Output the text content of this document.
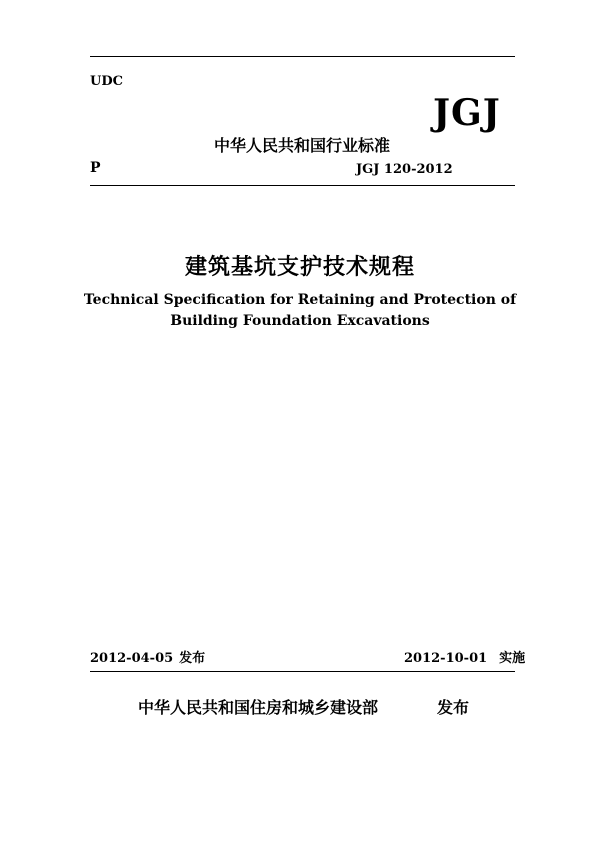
UDC
JGJ
中华人民共和国行业标准
P	JGJ 120-2012
建筑基坑支护技术规程
Technical Specification for Retaining and Protection of
Building Foundation Excavations
2012-04-05 发布	2012-10-01 实施
中华人民共和国住房和城乡建设部	发布
